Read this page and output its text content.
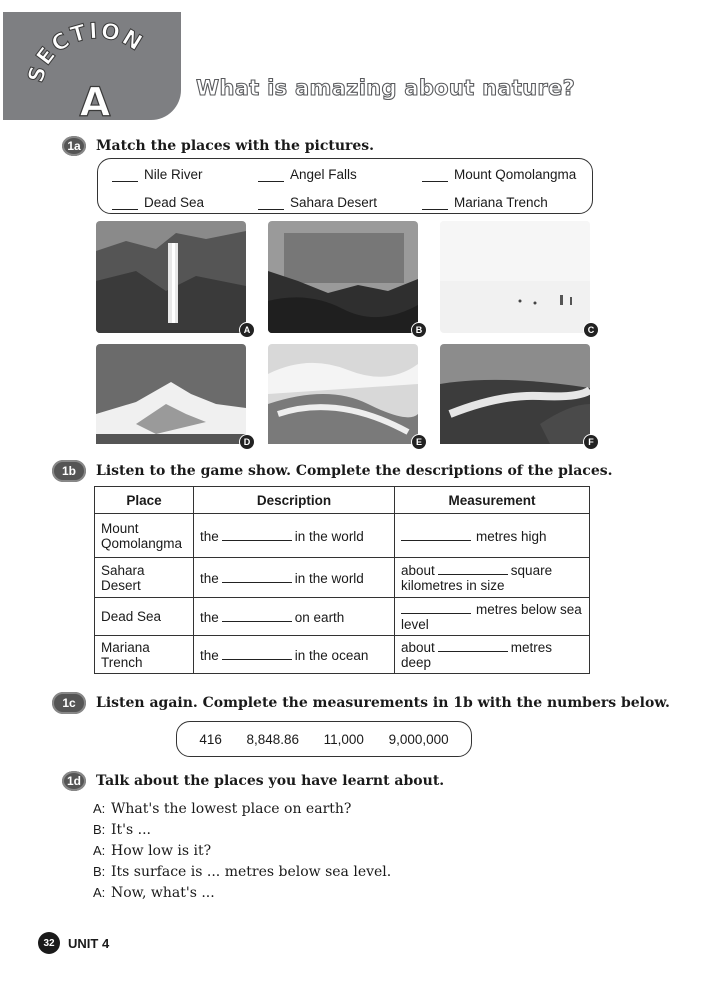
SECTION
A	What is amazing about nature?
1a	Match the places with the pictures.
Nile River	Angel Falls	Mount Qomolangma
Dead Sea	Sahara Desert	Mariana Trench
A	B	C
D	E	F
1b	Listen to the game show. Complete the descriptions of the places.
Place	Description	Measurement
Mount Qomolangma	the in the world	metres high
Sahara Desert	the in the world	about square kilometres in size
Dead Sea	the on earth	metres below sea level
Mariana Trench	the in the ocean	about metres deep
1c	Listen again. Complete the measurements in 1b with the numbers below.
416 8,848.86 11,000 9,000,000
1d	Talk about the places you have learnt about.
A: What's the lowest place on earth?
B: It's ...
A: How low is it?
B: Its surface is ... metres below sea level.
A: Now, what's ...
32	UNIT 4
